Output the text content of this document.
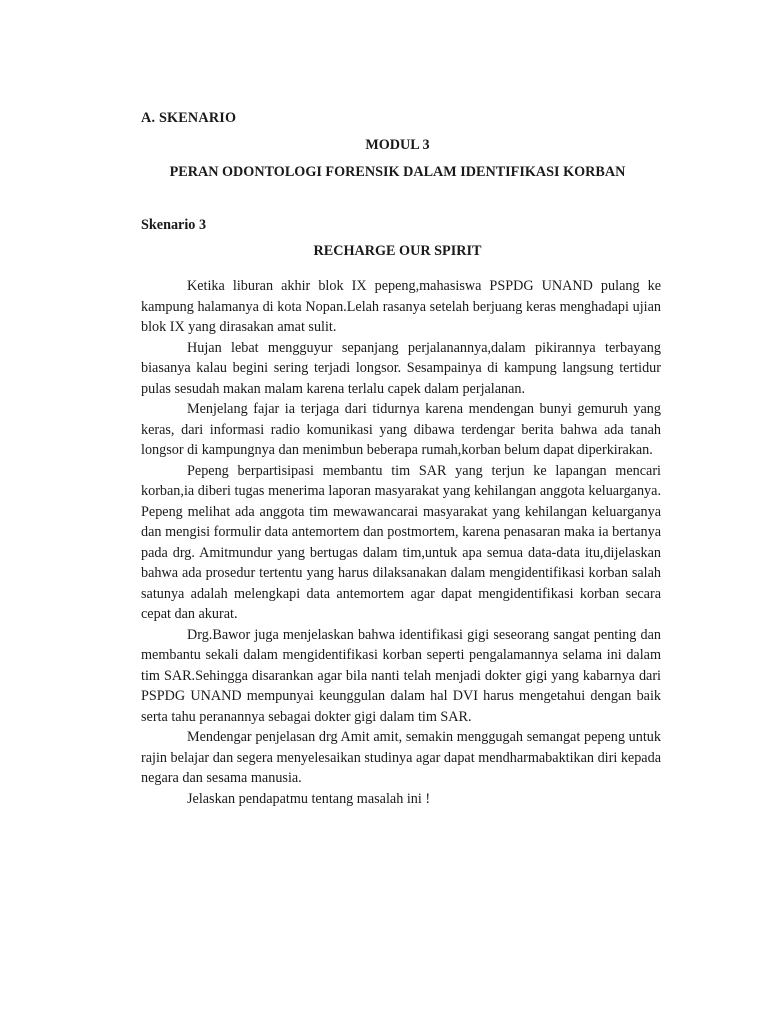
A. SKENARIO
MODUL 3
PERAN ODONTOLOGI FORENSIK DALAM IDENTIFIKASI KORBAN
Skenario 3
RECHARGE OUR SPIRIT

Ketika liburan akhir blok IX pepeng,mahasiswa PSPDG UNAND pulang ke kampung halamanya di kota Nopan.Lelah rasanya setelah berjuang keras menghadapi ujian blok IX yang dirasakan amat sulit.

Hujan lebat mengguyur sepanjang perjalanannya,dalam pikirannya terbayang biasanya kalau begini sering terjadi longsor. Sesampainya di kampung langsung tertidur pulas sesudah makan malam karena terlalu capek dalam perjalanan.

Menjelang fajar ia terjaga dari tidurnya karena mendengan bunyi gemuruh yang keras, dari informasi radio komunikasi yang dibawa terdengar berita bahwa ada tanah longsor di kampungnya dan menimbun beberapa rumah,korban belum dapat diperkirakan.

Pepeng berpartisipasi membantu tim SAR yang terjun ke lapangan mencari korban,ia diberi tugas menerima laporan masyarakat yang kehilangan anggota keluarganya. Pepeng melihat ada anggota tim mewawancarai masyarakat yang kehilangan keluarganya dan mengisi formulir data antemortem dan postmortem, karena penasaran maka ia bertanya pada drg. Amitmundur yang bertugas dalam tim,untuk apa semua data-data itu,dijelaskan bahwa ada prosedur tertentu yang harus dilaksanakan dalam mengidentifikasi korban salah satunya adalah melengkapi data antemortem agar dapat mengidentifikasi korban secara cepat dan akurat.

Drg.Bawor juga menjelaskan bahwa identifikasi gigi seseorang sangat penting dan membantu sekali dalam mengidentifikasi korban seperti pengalamannya selama ini dalam tim SAR.Sehingga disarankan agar bila nanti telah menjadi dokter gigi yang kabarnya dari PSPDG UNAND mempunyai keunggulan dalam hal DVI harus mengetahui dengan baik serta tahu peranannya sebagai dokter gigi dalam tim SAR.

Mendengar penjelasan drg Amit amit, semakin menggugah semangat pepeng untuk rajin belajar dan segera menyelesaikan studinya agar dapat mendharmabaktikan diri kepada negara dan sesama manusia.

Jelaskan pendapatmu tentang masalah ini !
